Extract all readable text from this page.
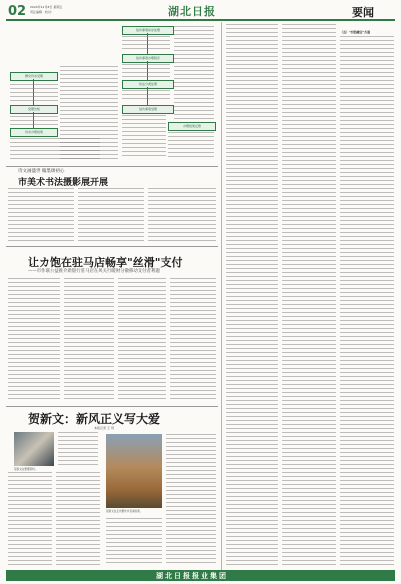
02 2024年11月8日 星期五
责任编辑 · 校对：	湖北日报	要闻
信访事项初步处理
信访事项办理程序
群众诉求受理
依法分类处理
受理告知	信访事项受理
诉求办理结果
办理结果反馈
诗文画盛世 翰墨颂初心
市美术书法摄影展开展
让カ饱在驻马店畅享"丝滑"支付
——市作联公益推介新银行驻马店在风关行暖财分散移动支付者利题
贺新文：新风正义写大爱
本报记者 王 玥
贺新文在整理资料。
贺新文在走访群众中宣讲政策。
（五）"四治融合"方面
湖北日报报业集团
